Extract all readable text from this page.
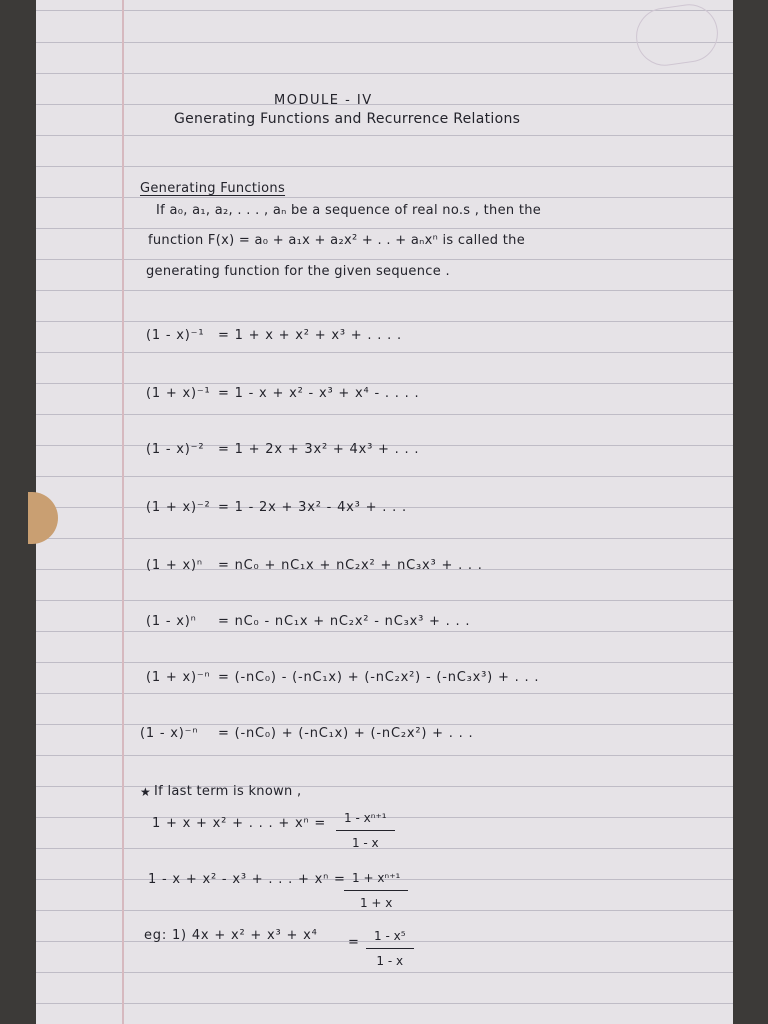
MODULE - IV
Generating Functions and Recurrence Relations
Generating Functions
If a₀, a₁, a₂, . . . , aₙ be a sequence of real no.s , then the
function F(x) = a₀ + a₁x + a₂x² + . . + aₙxⁿ is called the
generating function for the given sequence .
(1 - x)⁻¹ = 1 + x + x² + x³ + . . . .
(1 + x)⁻¹ = 1 - x + x² - x³ + x⁴ - . . . .
(1 - x)⁻² = 1 + 2x + 3x² + 4x³ + . . .
(1 + x)⁻² = 1 - 2x + 3x² - 4x³ + . . .
(1 + x)ⁿ = nC₀ + nC₁x + nC₂x² + nC₃x³ + . . .
(1 - x)ⁿ = nC₀ - nC₁x + nC₂x² - nC₃x³ + . . .
(1 + x)⁻ⁿ = (-nC₀) - (-nC₁x) + (-nC₂x²) - (-nC₃x³) + . . .
(1 - x)⁻ⁿ = (-nC₀) + (-nC₁x) + (-nC₂x²) + . . .
★ If last term is known ,
1 + x + x² + . . . + $x^n = \frac{\text{1 - xⁿ⁺¹}}{1 - x}$
1 - x + x² - x³ + . . . + xⁿ =
$\frac{\text{1 + xⁿ⁺¹}}{1 + x}$
eg: 1) $4x + x^2 + x^3 + x^4 = \frac{\text{1 - x⁵}}{1 - x}$
